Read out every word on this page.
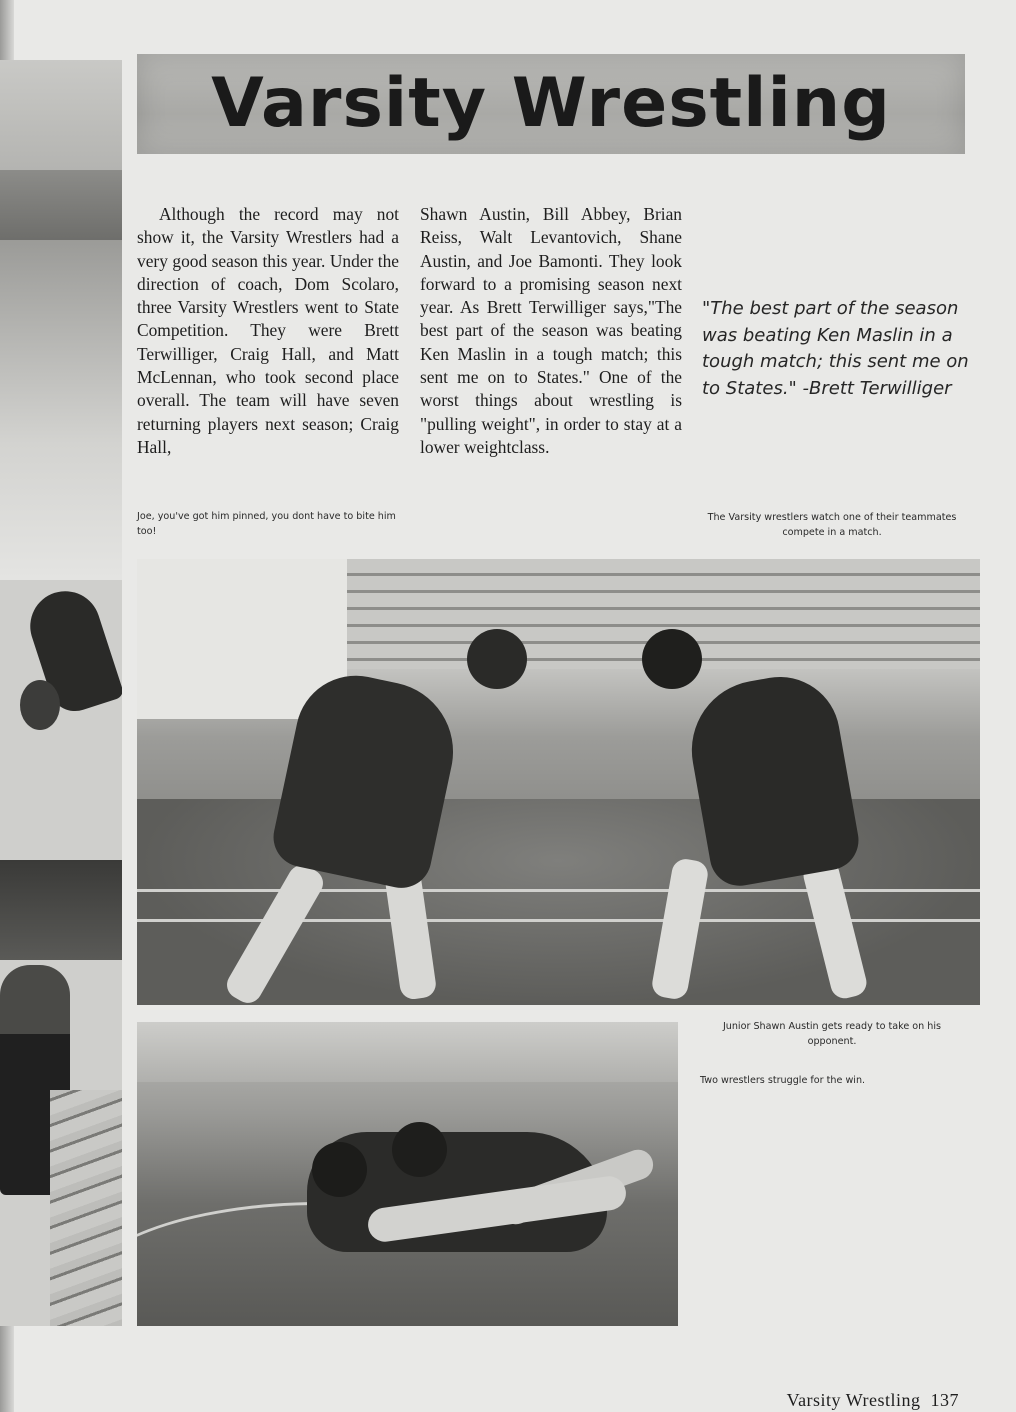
Varsity Wrestling

Although the record may not show it, the Varsity Wrestlers had a very good season this year. Under the direction of coach, Dom Scolaro, three Varsity Wrestlers went to State Competition. They were Brett Terwilliger, Craig Hall, and Matt McLennan, who took second place overall. The team will have seven returning players next season; Craig Hall,

Shawn Austin, Bill Abbey, Brian Reiss, Walt Levantovich, Shane Austin, and Joe Bamonti. They look forward to a promising season next year. As Brett Terwilliger says,"The best part of the season was beating Ken Maslin in a tough match; this sent me on to States." One of the worst things about wrestling is "pulling weight", in order to stay at a lower weightclass.

"The best part of the season was beating Ken Maslin in a tough match; this sent me on to States." -Brett Terwilliger

Joe, you've got him pinned, you dont have to bite him too!

The Varsity wrestlers watch one of their teammates compete in a match.

Junior Shawn Austin gets ready to take on his opponent.

Two wrestlers struggle for the win.

Varsity Wrestling 137
